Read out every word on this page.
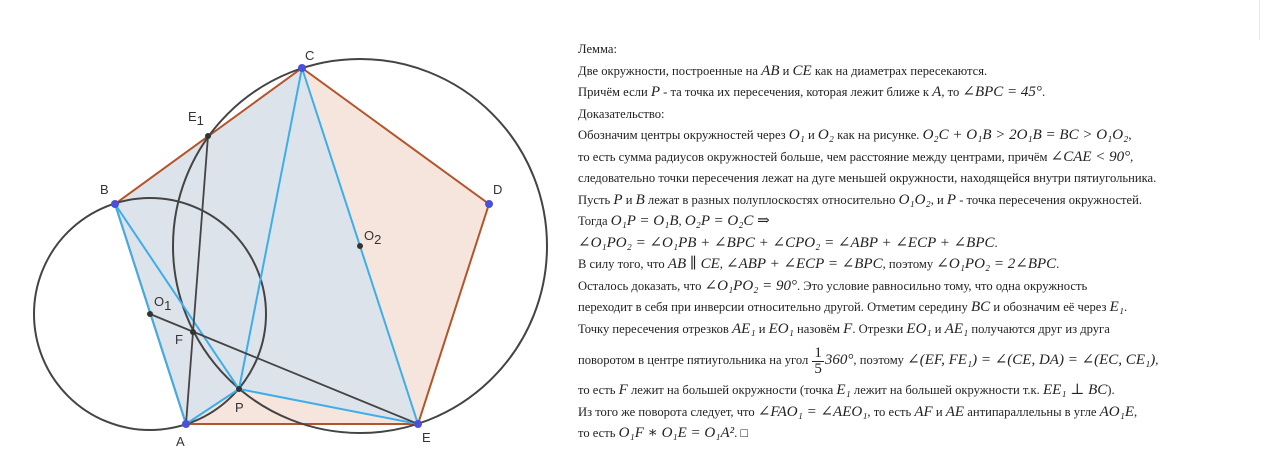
A
B
C
D
E
E1
O1
O2
F
P
Лемма:
Две окружности, построенные на AB и CE как на диаметрах пересекаются.
Причём если P - та точка их пересечения, которая лежит ближе к A, то ∠BPC = 45°.
Доказательство:
Обозначим центры окружностей через O₁ и O₂ как на рисунке. O₂C + O₁B > 2O₁B = BC > O₁O₂,
то есть сумма радиусов окружностей больше, чем расстояние между центрами, причём ∠CAE < 90°,
следовательно точки пересечения лежат на дуге меньшей окружности, находящейся внутри пятиугольника.
Пусть P и B лежат в разных полуплоскостях относительно O₁O₂, и P - точка пересечения окружностей.
Тогда O₁P = O₁B, O₂P = O₂C ⇒
∠O₁PO₂ = ∠O₁PB + ∠BPC + ∠CPO₂ = ∠ABP + ∠ECP + ∠BPC.
В силу того, что AB ∥ CE, ∠ABP + ∠ECP = ∠BPC, поэтому ∠O₁PO₂ = 2∠BPC.
Осталось доказать, что ∠O₁PO₂ = 90°. Это условие равносильно тому, что одна окружность
переходит в себя при инверсии относительно другой. Отметим середину BC и обозначим её через E₁.
Точку пересечения отрезков AE₁ и EO₁ назовём F. Отрезки EO₁ и AE₁ получаются друг из друга
поворотом в центре пятиугольника на угол $\frac{1}{5} 360^\circ$, поэтому ∠(EF, FE₁) = ∠(CE, DA) = ∠(EC, CE₁),
то есть F лежит на большей окружности (точка E₁ лежит на большей окружности т.к. EE₁ ⊥ BC).
Из того же поворота следует, что ∠FAO₁ = ∠AEO₁, то есть AF и AE антипараллельны в угле AO₁E,
то есть O₁F ∗ O₁E = O₁A². □
